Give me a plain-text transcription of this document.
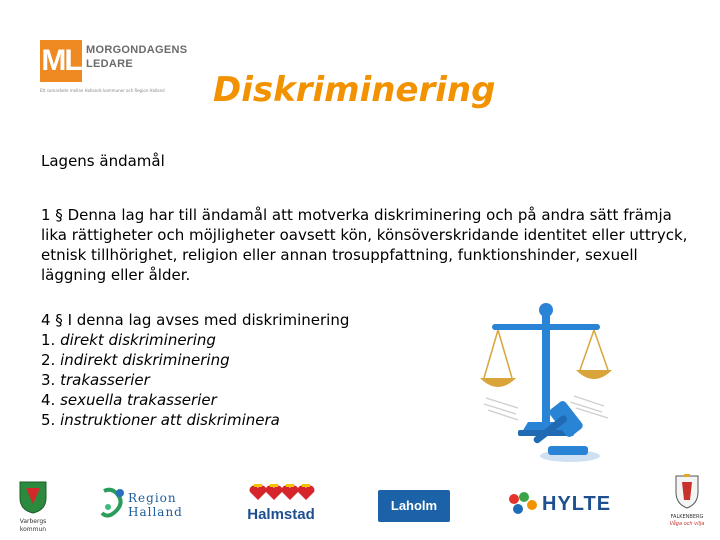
ML MORGONDAGENS
LEDARE
Ett samarbete mellan Hallands kommuner och Region Halland Diskriminering
Lagens ändamål
1 § Denna lag har till ändamål att motverka diskriminering och på andra sätt främja lika rättigheter och möjligheter oavsett kön, könsöverskridande identitet eller uttryck, etnisk tillhörighet, religion eller annan trosuppfattning, funktionshinder, sexuell läggning eller ålder.
4 § I denna lag avses med diskriminering
1. direkt diskriminering
2. indirekt diskriminering
3. trakasserier
4. sexuella trakasserier
5. instruktioner att diskriminera
Varbergs kommun
Region
Halland	Halmstad
Laholm	HYLTE
FALKENBERG
Våga och vilja
